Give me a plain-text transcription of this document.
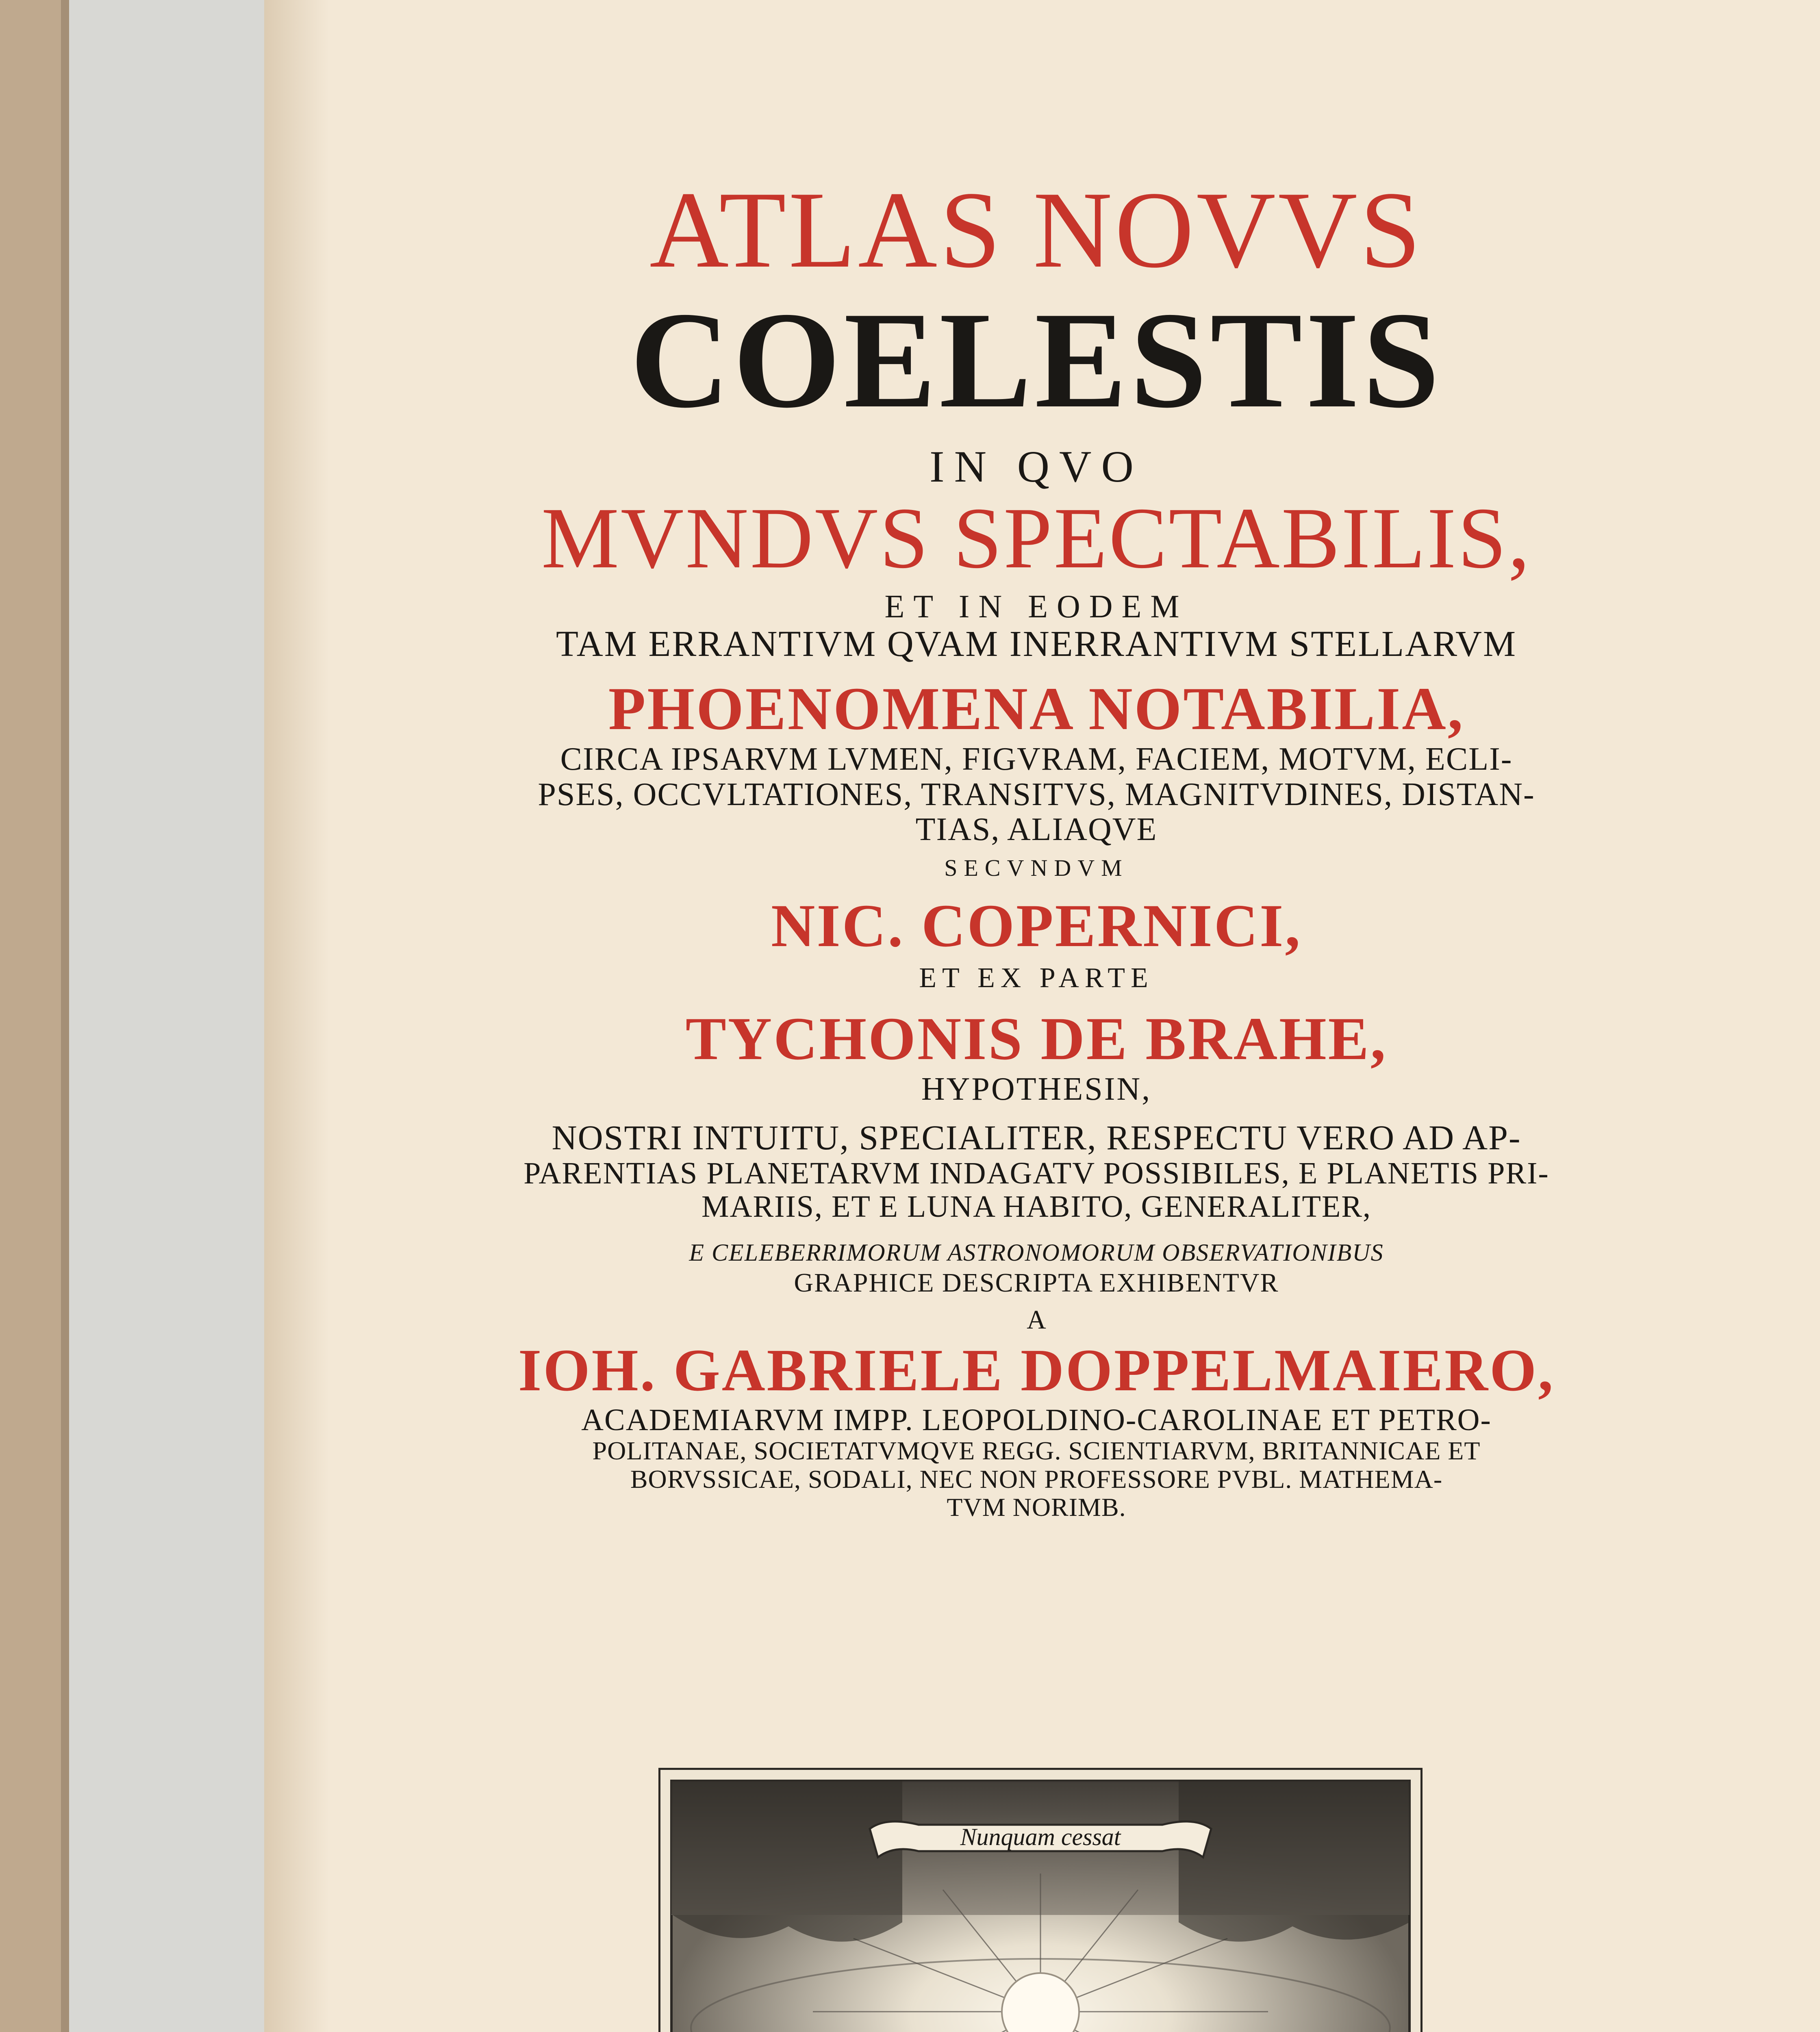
ATLAS NOVVS
COELESTIS
IN QVO
MVNDVS SPECTABILIS,
ET IN EODEM
TAM ERRANTIVM QVAM INERRANTIVM STELLARVM
PHOENOMENA NOTABILIA,
CIRCA IPSARVM LVMEN, FIGVRAM, FACIEM, MOTVM, ECLI-
PSES, OCCVLTATIONES, TRANSITVS, MAGNITVDINES, DISTAN-
TIAS, ALIAQVE
SECVNDVM
NIC. COPERNICI,
ET EX PARTE
TYCHONIS DE BRAHE,
HYPOTHESIN,
NOSTRI INTUITU, SPECIALITER, RESPECTU VERO AD AP-
PARENTIAS PLANETARVM INDAGATV POSSIBILES, E PLANETIS PRI-
MARIIS, ET E LUNA HABITO, GENERALITER,
E CELEBERRIMORUM ASTRONOMORUM OBSERVATIONIBUS
GRAPHICE DESCRIPTA EXHIBENTVR
A
IOH. GABRIELE DOPPELMAIERO,
ACADEMIARVM IMPP. LEOPOLDINO-CAROLINAE ET PETRO-
POLITANAE, SOCIETATVMQVE REGG. SCIENTIARVM, BRITANNICAE ET
BORVSSICAE, SODALI, NEC NON PROFESSORE PVBL. MATHEMA-
TVM NORIMB.
Nunquam cessat
